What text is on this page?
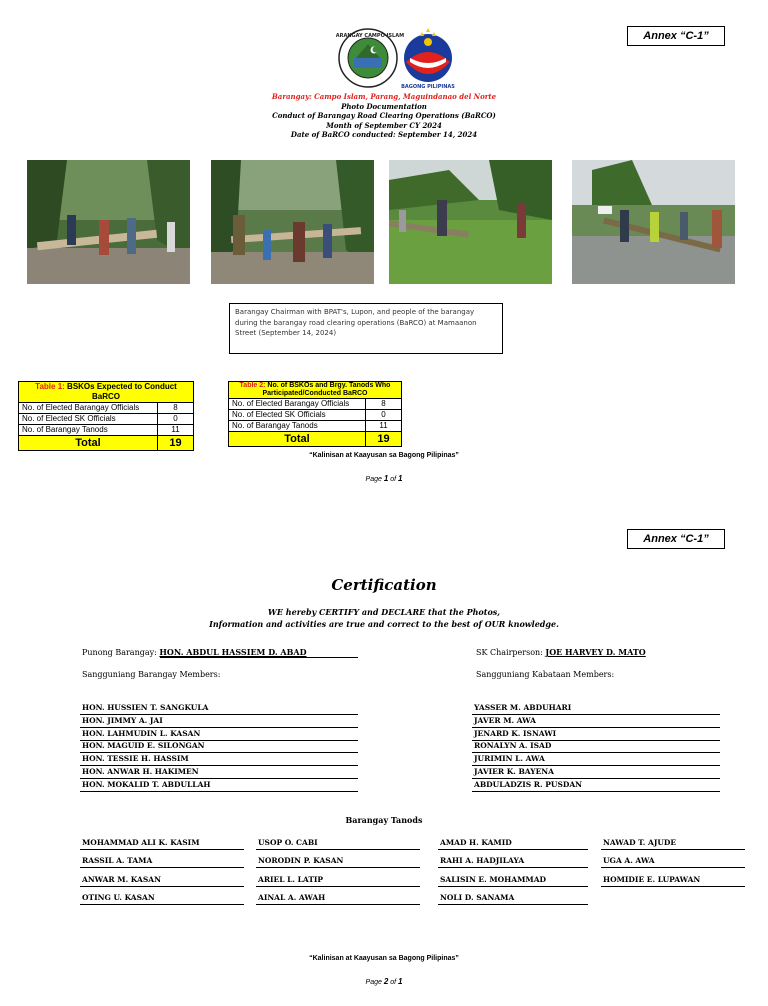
Annex “C-1”
BARANGAY CAMPO ISLAM
BAGONG PILIPINAS
Barangay: Campo Islam, Parang, Maguindanao del Norte
Photo Documentation
Conduct of Barangay Road Clearing Operations (BaRCO)
Month of September CY 2024
Date of BaRCO conducted: September 14, 2024
Barangay Chairman with BPAT's, Lupon, and people of the barangay during the barangay road clearing operations (BaRCO) at Mamaanon Street (September 14, 2024)
Table 1: BSKOs Expected to Conduct BaRCO	
No. of Elected Barangay Officials	8
No. of Elected SK Officials	0
No. of Barangay Tanods	11
Total	19
Table 2: No. of BSKOs and Brgy. Tanods Who Participated/Conducted BaRCO	
No. of Elected Barangay Officials	8
No. of Elected SK Officials	0
No. of Barangay Tanods	11
Total	19
“Kalinisan at Kaayusan sa Bagong Pilipinas”
Page 1 of 1
Annex “C-1”
Certification
WE hereby CERTIFY and DECLARE that the Photos,
Information and activities are true and correct to the best of OUR knowledge.
Punong Barangay: HON. ABDUL HASSIEM D. ABAD	SK Chairperson: JOE HARVEY D. MATO
Sangguniang Barangay Members:	Sangguniang Kabataan Members:
HON. HUSSIEN T. SANGKULA
HON. JIMMY A. JAI
HON. LAHMUDIN L. KASAN
HON. MAGUID E. SILONGAN
HON. TESSIE H. HASSIM
HON. ANWAR H. HAKIMEN
HON. MOKALID T. ABDULLAH
YASSER M. ABDUHARI
JAVER M. AWA
JENARD K. ISNAWI
RONALYN A. ISAD
JURIMIN L. AWA
JAVIER K. BAYENA
ABDULADZIS R. PUSDAN
Barangay Tanods
MOHAMMAD ALI K. KASIM
RASSIL A. TAMA
ANWAR M. KASAN
OTING U. KASAN
USOP O. CABI
NORODIN P. KASAN
ARIEL L. LATIP
AINAL A. AWAH
AMAD H. KAMID
RAHI A. HADJILAYA
SALISIN E. MOHAMMAD
NOLI D. SANAMA
NAWAD T. AJUDE
UGA A. AWA
HOMIDIE E. LUPAWAN
“Kalinisan at Kaayusan sa Bagong Pilipinas”
Page 2 of 1
